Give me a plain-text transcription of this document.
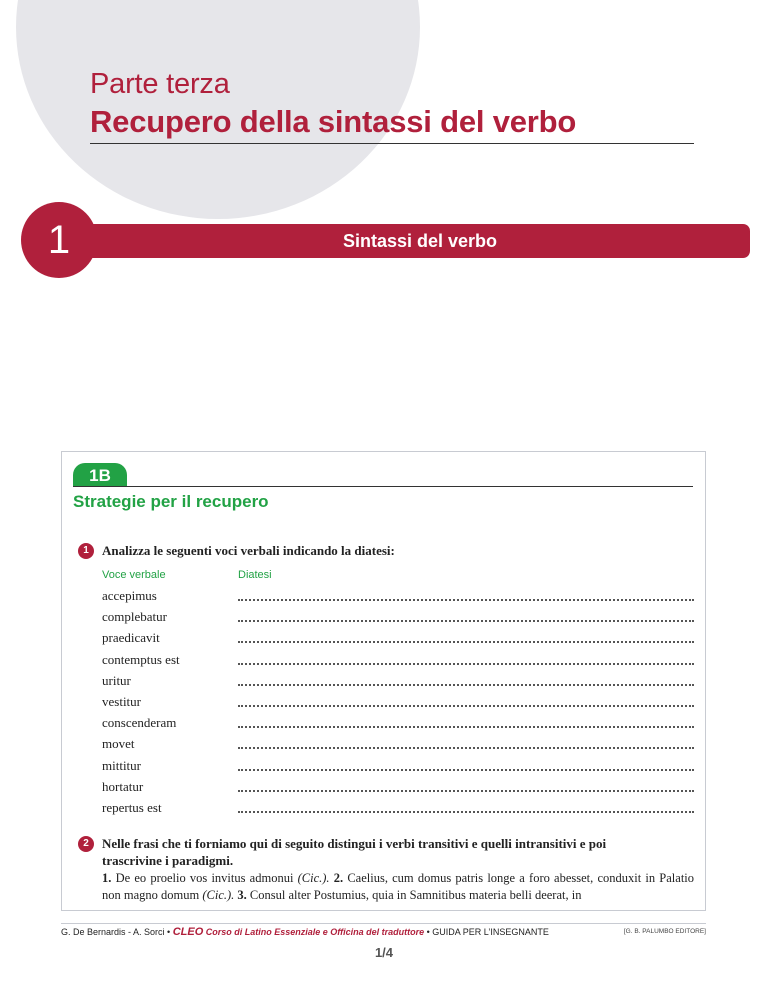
Parte terza
Recupero della sintassi del verbo
1	Sintassi del verbo
1B
Strategie per il recupero
1	Analizza le seguenti voci verbali indicando la diatesi:
Voce verbale	Diatesi
accepimus
complebatur
praedicavit
contemptus est
uritur
vestitur
conscenderam
movet
mittitur
hortatur
repertus est
2	Nelle frasi che ti forniamo qui di seguito distingui i verbi transitivi e quelli intransitivi e poi
trascrivine i paradigmi.
1. De eo proelio vos invitus admonui (Cic.). 2. Caelius, cum domus patris longe a foro abesset, conduxit in Palatio non magno domum (Cic.). 3. Consul alter Postumius, quia in Samnitibus materia belli deerat, in
G. De Bernardis - A. Sorci • CLEO Corso di Latino Essenziale e Officina del traduttore • GUIDA PER L’INSEGNANTE	[G. B. PALUMBO EDITORE]
1/4
